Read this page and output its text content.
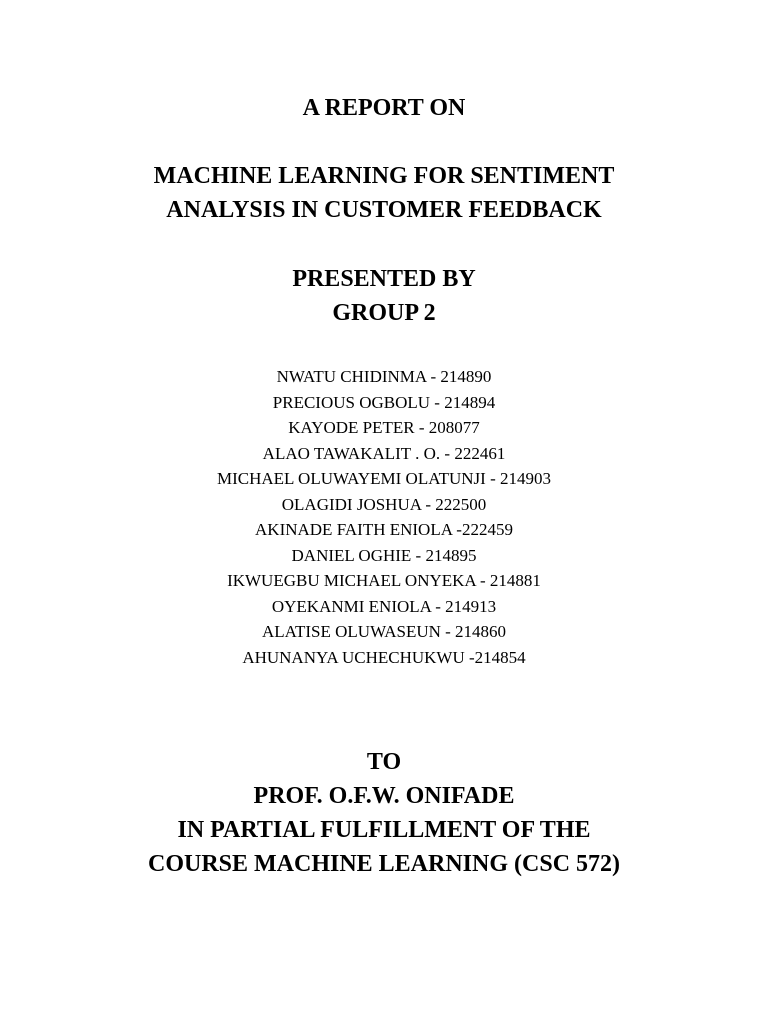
A REPORT ON
MACHINE LEARNING FOR SENTIMENT
ANALYSIS IN CUSTOMER FEEDBACK
PRESENTED BY
GROUP 2
NWATU CHIDINMA - 214890
PRECIOUS OGBOLU - 214894
KAYODE PETER - 208077
ALAO TAWAKALIT . O. - 222461
MICHAEL OLUWAYEMI OLATUNJI - 214903
OLAGIDI JOSHUA - 222500
AKINADE FAITH ENIOLA -222459
DANIEL OGHIE - 214895
IKWUEGBU MICHAEL ONYEKA - 214881
OYEKANMI ENIOLA - 214913
ALATISE OLUWASEUN - 214860
AHUNANYA UCHECHUKWU -214854
TO
PROF. O.F.W. ONIFADE
IN PARTIAL FULFILLMENT OF THE
COURSE MACHINE LEARNING (CSC 572)
